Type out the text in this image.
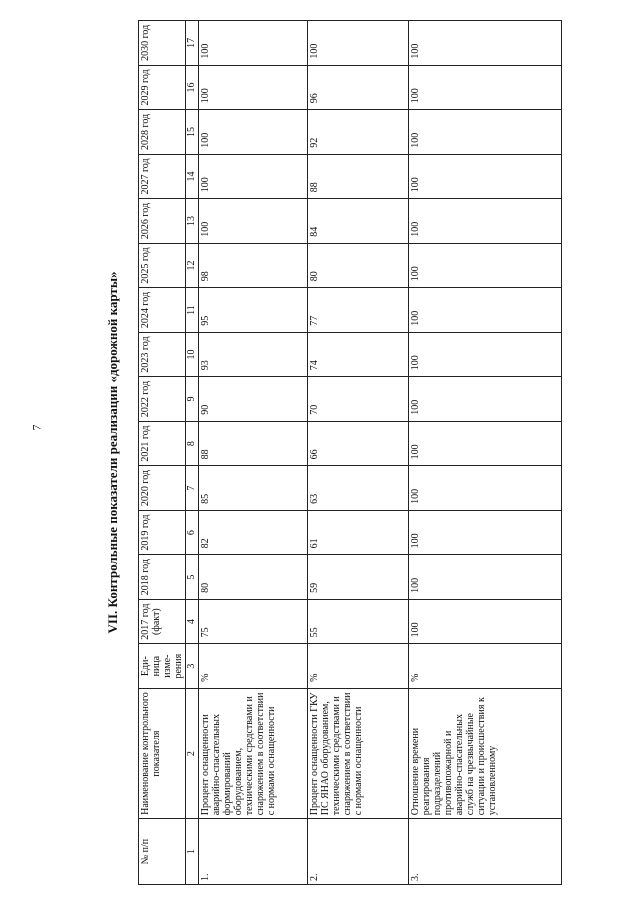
7	VII. Контрольные показатели реализации «дорожной карты»
№ п/п	Наименование контрольного показателя	Еди-ница изме-рения	2017 год (факт)	2018 год	2019 год	2020 год	2021 год	2022 год	2023 год	2024 год	2025 год	2026 год	2027 год	2028 год	2029 год	2030 год
1	2	3	4	5	6	7	8	9	10	11	12	13	14	15	16	17
1.	Процент оснащенности аварийно-спасательных формирований оборудованием, техническими средствами и снаряжением в соответствии с нормами оснащенности	%	75	80	82	85	88	90	93	95	98	100	100	100	100	100
2.	Процент оснащенности ГКУ ПС ЯНАО оборудованием, техническими средствами и снаряжением в соответствии с нормами оснащенности	%	55	59	61	63	66	70	74	77	80	84	88	92	96	100
3.	Отношение времени реагирования подразделений противопожарной и аварийно-спасательных служб на чрезвычайные ситуации и происшествия к установленному	%	100	100	100	100	100	100	100	100	100	100	100	100	100	100
